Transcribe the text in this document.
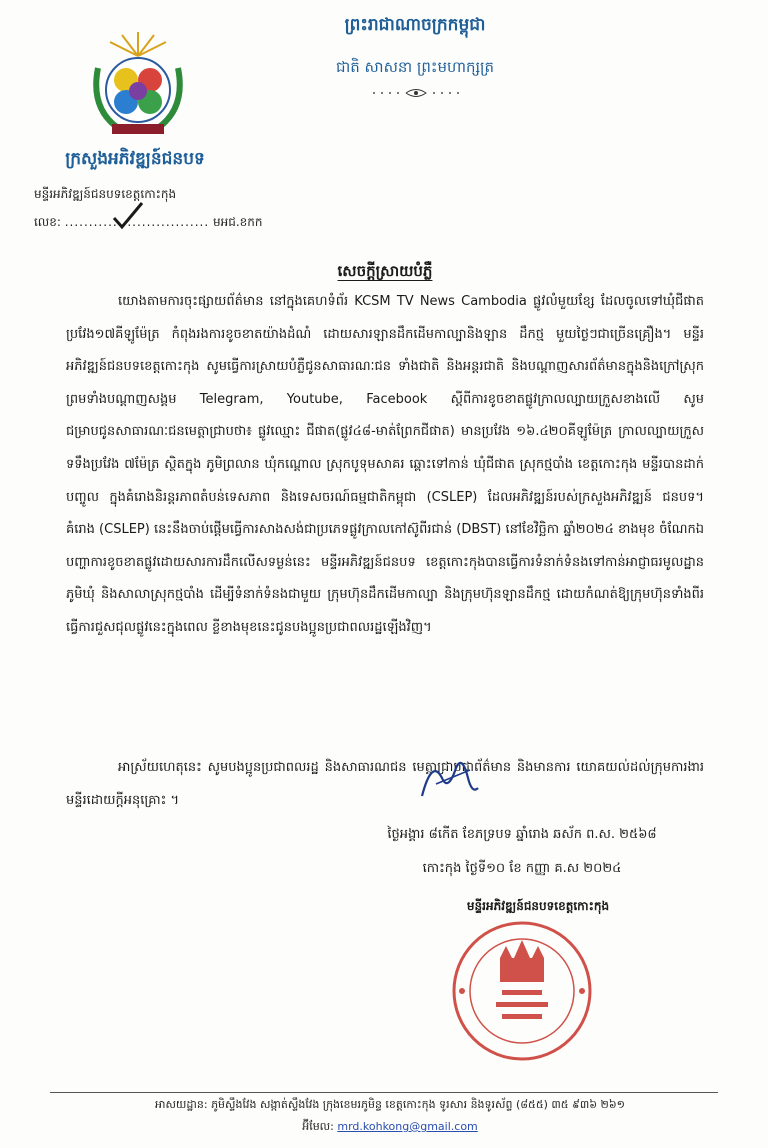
ក្រសួងអភិវឌ្ឍន៍ជនបទ
មន្ទីរអភិវឌ្ឍន៍ជនបទខេត្តកោះកុង
លេខ: .............................. មអជ.ខកក
ព្រះរាជាណាចក្រកម្ពុជា
ជាតិ សាសនា ព្រះមហាក្សត្រ
សេចក្តីស្រាយបំភ្លឺ
យោងតាមការចុះផ្សាយព័ត៌មាន នៅក្នុងគេហទំព័រ KCSM TV News Cambodia ផ្លូវលំមួយខ្សែ ដែលចូលទៅឃុំជីផាតប្រវែង១៧គីឡូម៉ែត្រ កំពុងរងការខូចខាតយ៉ាងដំណំ ដោយសារឡានដឹកដើមកាល្បានិងឡាន ដឹកថ្ម មួយថ្ងៃៗជាច្រើនគ្រឿង។ មន្ទីរអភិវឌ្ឍន៍ជនបទខេត្តកោះកុង សូមធ្វើការស្រាយបំភ្លឺជូនសាធារណៈជន ទាំងជាតិ និងអន្តរជាតិ និងបណ្តាញសារព័ត៌មានក្នុងនិងក្រៅស្រុក ព្រមទាំងបណ្តាញសង្គម Telegram, Youtube, Facebook ស្តីពីការខូចខាតផ្លូវក្រាលល្បាយក្រួសខាងលើ សូមជម្រាបជូនសាធារណៈជនមេត្តាជ្រាបថា៖ ផ្លូវឈ្មោះ ជីផាត(ផ្លូវ៤៨-មាត់ព្រែកជីផាត) មានប្រវែង ១៦.៤២០គីឡូម៉ែត្រ ក្រាលល្បាយក្រួស ទទឹងប្រវែង ៧ម៉ែត្រ ស្ថិតក្នុង ភូមិព្រលាន ឃុំកណ្តោល ស្រុកបូទុមសាគរ ឆ្ពោះទៅកាន់ ឃុំជីផាត ស្រុកថ្មបាំង ខេត្តកោះកុង មន្ទីរបានដាក់បញ្ចូល ក្នុងគំរោងនិរន្តរភាពតំបន់ទេសភាព និងទេសចរណ៍ធម្មជាតិកម្ពុជា (CSLEP) ដែលអភិវឌ្ឍន៍របស់ក្រសួងអភិវឌ្ឍន៍ ជនបទ។ គំរោង (CSLEP) នេះនឹងចាប់ផ្តើមធ្វើការសាងសង់ជាប្រភេទផ្លូវក្រាលកៅស៊ូពីរជាន់ (DBST) នៅខែវិច្ឆិកា ឆ្នាំ២០២៤ ខាងមុខ ចំណែកឯបញ្ហាការខូចខាតផ្លូវដោយសារការដឹកលើសទម្ងន់នេះ មន្ទីរអភិវឌ្ឍន៍ជនបទ ខេត្តកោះកុងបានធ្វើការទំនាក់ទំនងទៅកាន់អាជ្ញាធរមូលដ្ឋានភូមិឃុំ និងសាលាស្រុកថ្មបាំង ដើម្បីទំនាក់ទំនងជាមួយ ក្រុមហ៊ុនដឹកដើមកាល្បា និងក្រុមហ៊ុនឡានដឹកថ្ម ដោយកំណត់ឱ្យក្រុមហ៊ុនទាំងពីរធ្វើការជួសជុលផ្លូវនេះក្នុងពេល ខ្លីខាងមុខនេះជូនបងប្អូនប្រជាពលរដ្ឋឡើងវិញ។
អាស្រ័យហេតុនេះ សូមបងប្អូនប្រជាពលរដ្ឋ និងសាធារណជន មេត្តាជ្រាបជាព័ត៌មាន និងមានការ យោគយល់ដល់ក្រុមការងារមន្ទីរដោយក្តីអនុគ្រោះ ។
ថ្ងៃអង្គារ ៨កើត ខែភទ្របទ ឆ្នាំរោង ឆស័ក ព.ស. ២៥៦៨
កោះកុង ថ្ងៃទី១០ ខែ កញ្ញា គ.ស ២០២៤
មន្ទីរអភិវឌ្ឍន៍ជនបទខេត្តកោះកុង
អាសយដ្ឋាន: ភូមិស្ទឹងវែង សង្កាត់ស្ទឹងវែង ក្រុងខេមរភូមិន្ទ ខេត្តកោះកុង ទូរសារ និងទូរស័ព្ទ (៨៥៥) ៣៥ ៩៣៦ ២៦១
អ៊ីមែល: mrd.kohkong@gmail.com
